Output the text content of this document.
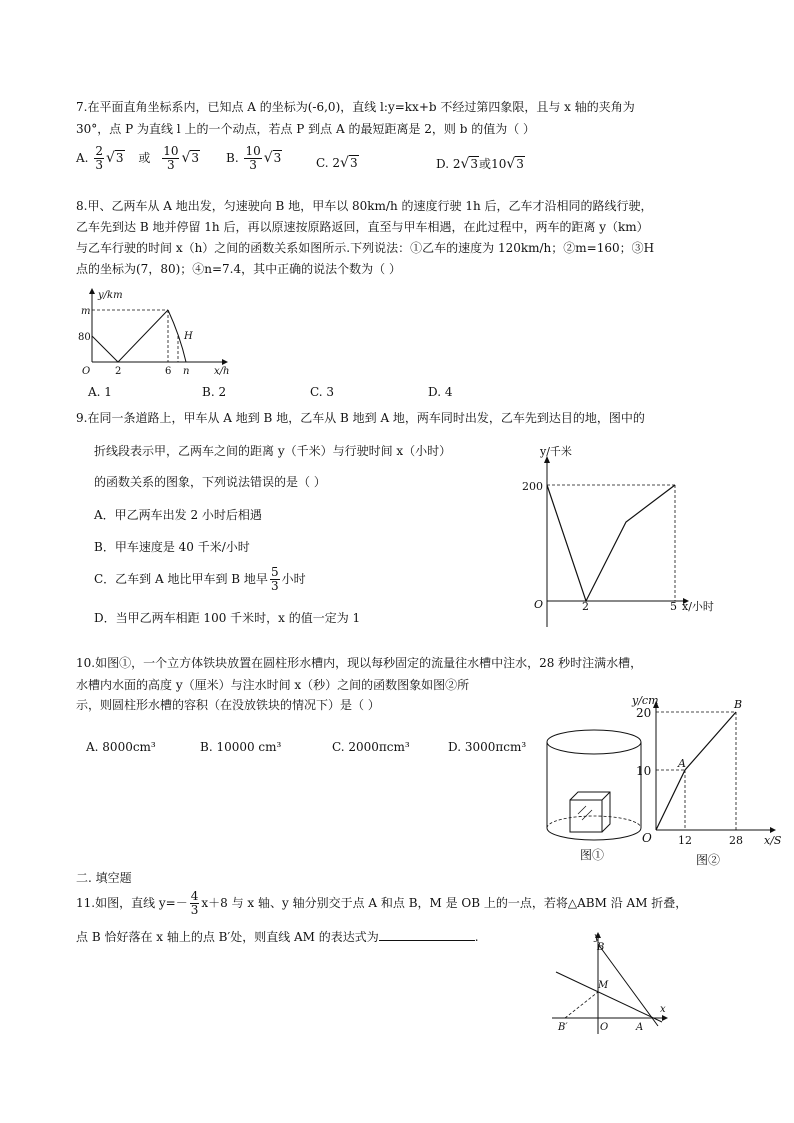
7.在平面直角坐标系内，已知点 A 的坐标为(-6,0)，直线 l:y=kx+b 不经过第四象限，且与 x 轴的夹角为
30°，点 P 为直线 l 上的一个动点，若点 P 到点 A 的最短距离是 2，则 b 的值为（ ）
A. $\frac{2}{3} √3$ 或 $\frac{10}{3} √3$ B. $\frac{10}{3} √3$	C. 2√3	D. 2√3或10√3
8.甲、乙两车从 A 地出发，匀速驶向 B 地，甲车以 80km/h 的速度行驶 1h 后，乙车才沿相同的路线行驶，
乙车先到达 B 地并停留 1h 后，再以原速按原路返回，直至与甲车相遇，在此过程中，两车的距离 y（km）
与乙车行驶的时间 x（h）之间的函数关系如图所示.下列说法：①乙车的速度为 120km/h；②m=160；③H
点的坐标为(7，80)；④n=7.4，其中正确的说法个数为（ ）
y/km
x/h
m
80
O 2	6 n
H
A. 1	B. 2	C. 3	D. 4
9.在同一条道路上，甲车从 A 地到 B 地，乙车从 B 地到 A 地，两车同时出发，乙车先到达目的地，图中的
折线段表示甲，乙两车之间的距离 y（千米）与行驶时间 x（小时）
的函数关系的图象，下列说法错误的是（ ）
A．甲乙两车出发 2 小时后相遇
B．甲车速度是 40 千米/小时
C．乙车到 A 地比甲车到 B 地早 $\frac{5}{3}$ 小时
D．当甲乙两车相距 100 千米时，x 的值一定为 1
y/千米
x/小时
200
O	2	5
10.如图①，一个立方体铁块放置在圆柱形水槽内，现以每秒固定的流量往水槽中注水，28 秒时注满水槽，
水槽内水面的高度 y（厘米）与注水时间 x（秒）之间的函数图象如图②所
示，则圆柱形水槽的容积（在没放铁块的情况下）是（ ）
A. 8000cm³	B. 10000 cm³	C. 2000πcm³	D. 3000πcm³
图①
y/cm
x/S
20
10
O 12	28
A
B
图②
二. 填空题
11.如图，直线 $y=- \frac{4}{3} x+8$ 与 x 轴、y 轴分别交于点 A 和点 B，M 是 OB 上的一点，若将△ABM 沿 AM 折叠，
点 B 恰好落在 x 轴上的点 B′处，则直线 AM 的表达式为	.	y
x
B
M
B′	O	A
